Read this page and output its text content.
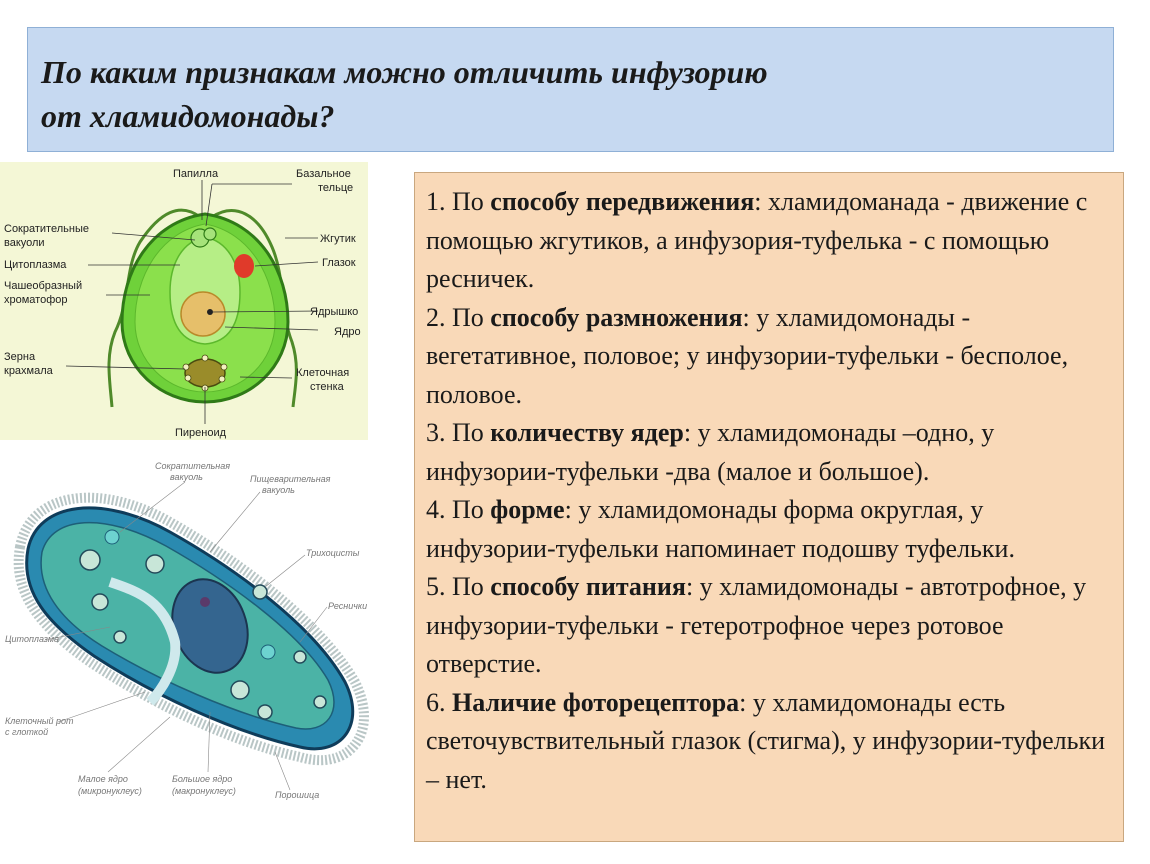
По каким признакам можно отличить инфузорию
от хламидомонады?
Папилла	Базальное
тельце
Сократительные
вакуоли
Цитоплазма
Жгутик
Глазок
Чашеобразный
хроматофор
Ядрышко
Ядро
Зерна
крахмала	Клеточная
стенка
Пиреноид
Сократительная
вакуоль	Пищеварительная
вакуоль
Трихоцисты
Реснички
Цитоплазма
Клеточный рот
с глоткой
Малое ядро
(микронуклеус)
Большое ядро
(макронуклеус)	Порошица

1. По способу передвижения: хламидоманада - движение с помощью жгутиков, а инфузория-туфелька - с помощью ресничек.

2. По способу размножения: у хламидомонады - вегетативное, половое; у инфузории-туфельки - бесполое, половое.

3. По количеству ядер: у хламидомонады –одно, у инфузории-туфельки -два (малое и большое).

4. По форме: у хламидомонады форма округлая, у инфузории-туфельки напоминает подошву туфельки.

5. По способу питания: у хламидомонады - автотрофное, у инфузории-туфельки - гетеротрофное через ротовое отверстие.

6. Наличие фоторецептора: у хламидомонады есть светочувствительный глазок (стигма), у инфузории-туфельки – нет.
